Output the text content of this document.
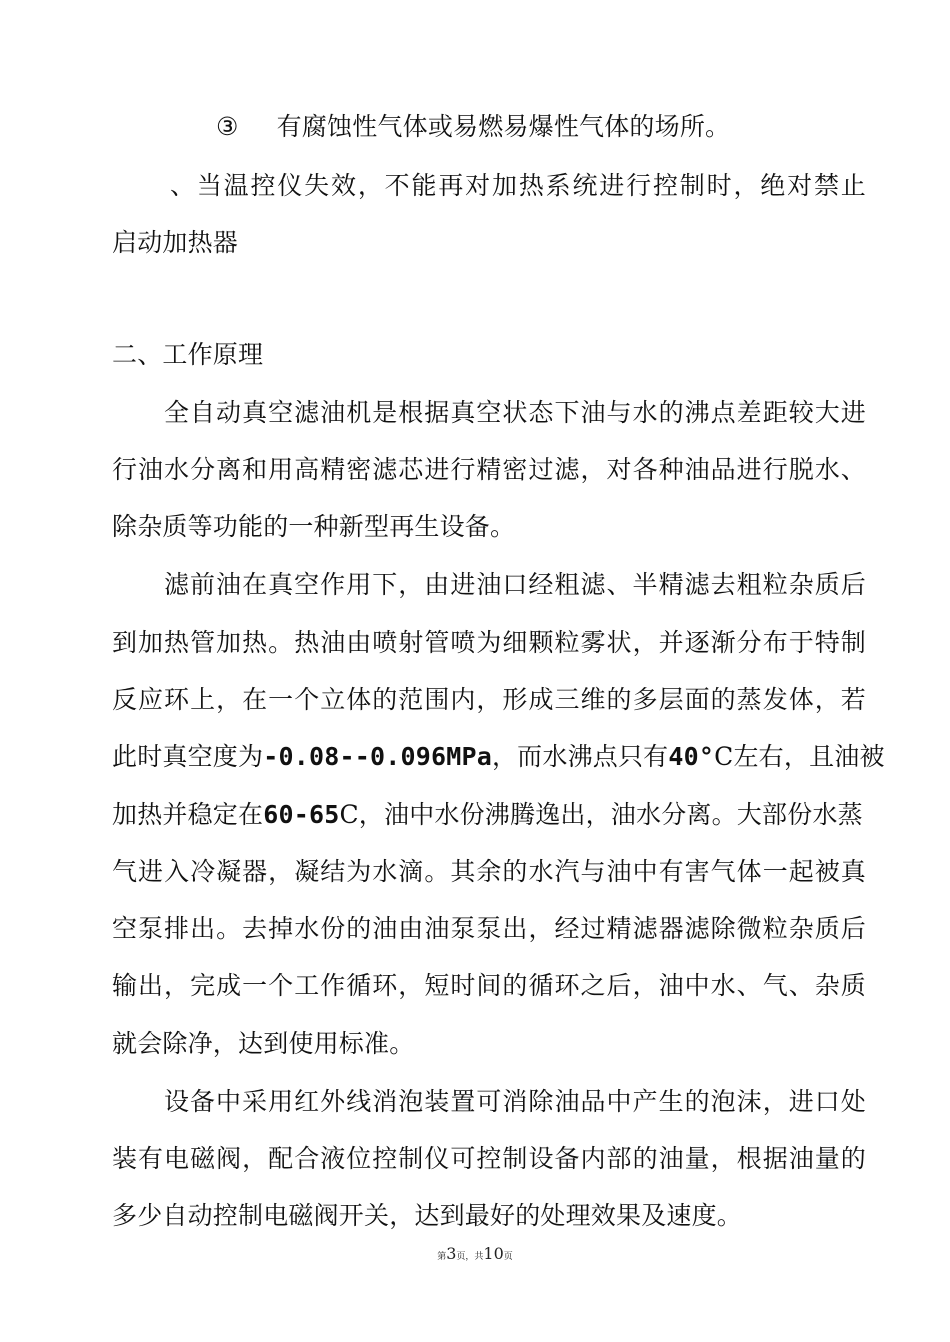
③ 有腐蚀性气体或易燃易爆性气体的场所。
、当温控仪失效，不能再对加热系统进行控制时，绝对禁止
启动加热器
二、工作原理
全自动真空滤油机是根据真空状态下油与水的沸点差距较大进
行油水分离和用高精密滤芯进行精密过滤，对各种油品进行脱水、
除杂质等功能的一种新型再生设备。
滤前油在真空作用下，由进油口经粗滤、半精滤去粗粒杂质后
到加热管加热。热油由喷射管喷为细颗粒雾状，并逐渐分布于特制
反应环上，在一个立体的范围内，形成三维的多层面的蒸发体，若
此时真空度为-0.08--0.096MPa，而水沸点只有40°C左右，且油被
加热并稳定在60-65C，油中水份沸腾逸出，油水分离。大部份水蒸
气进入冷凝器，凝结为水滴。其余的水汽与油中有害气体一起被真
空泵排出。去掉水份的油由油泵泵出，经过精滤器滤除微粒杂质后
输出，完成一个工作循环，短时间的循环之后，油中水、气、杂质
就会除净，达到使用标准。
设备中采用红外线消泡装置可消除油品中产生的泡沫，进口处
装有电磁阀，配合液位控制仪可控制设备内部的油量，根据油量的
多少自动控制电磁阀开关，达到最好的处理效果及速度。
第3页，共10页
